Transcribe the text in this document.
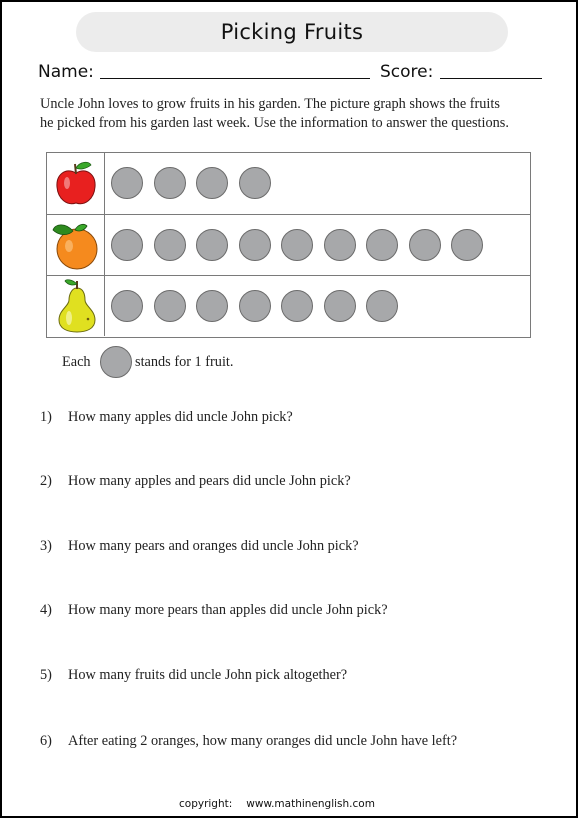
Picking Fruits
Name:	Score:
Uncle John loves to grow fruits in his garden. The picture graph shows the fruits
he picked from his garden last week. Use the information to answer the questions.
Each	stands for 1 fruit.
1) How many apples did uncle John pick?
2) How many apples and pears did uncle John pick?
3) How many pears and oranges did uncle John pick?
4) How many more pears than apples did uncle John pick?
5) How many fruits did uncle John pick altogether?
6) After eating 2 oranges, how many oranges did uncle John have left?
copyright: www.mathinenglish.com
